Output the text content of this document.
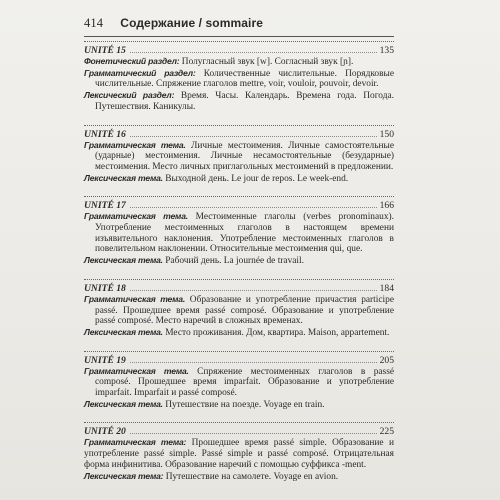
414 Содержание / sommaire
UNITÉ 15	135
Фонетический раздел: Полугласный звук [w]. Согласный звук [ɲ].
Грамматический раздел: Количественные числительные. Порядковые числительные. Спряжение глаголов mettre, voir, vouloir, pouvoir, devoir.
Лексический раздел: Время. Часы. Календарь. Времена года. Погода. Путешествия. Каникулы.
UNITÉ 16	150
Грамматическая тема. Личные местоимения. Личные самостоятельные (ударные) местоимения. Личные несамостоятельные (безударные) местоимения. Место личных приглагольных местоимений в предложении.
Лексическая тема. Выходной день. Le jour de repos. Le week-end.
UNITÉ 17	166
Грамматическая тема. Местоименные глаголы (verbes pronominaux). Употребление местоименных глаголов в настоящем времени изъявительного наклонения. Употребление местоименных глаголов в повелительном наклонении. Относительные местоимения qui, que.
Лексическая тема. Рабочий день. La journée de travail.
UNITÉ 18	184
Грамматическая тема. Образование и употребление причастия participe passé. Прошедшее время passé composé. Образование и употребление passé composé. Место наречий в сложных временах.
Лексическая тема. Место проживания. Дом, квартира. Maison, appartement.
UNITÉ 19	205
Грамматическая тема. Спряжение местоименных глаголов в passé composé. Прошедшее время imparfait. Образование и употребление imparfait. Imparfait и passé composé.
Лексическая тема. Путешествие на поезде. Voyage en train.
UNITÉ 20	225
Грамматическая тема: Прошедшее время passé simple. Образование и употребление passé simple. Passé simple и passé composé. Отрицательная форма инфинитива. Образование наречий с помощью суффикса -ment.
Лексическая тема: Путешествие на самолете. Voyage en avion.
